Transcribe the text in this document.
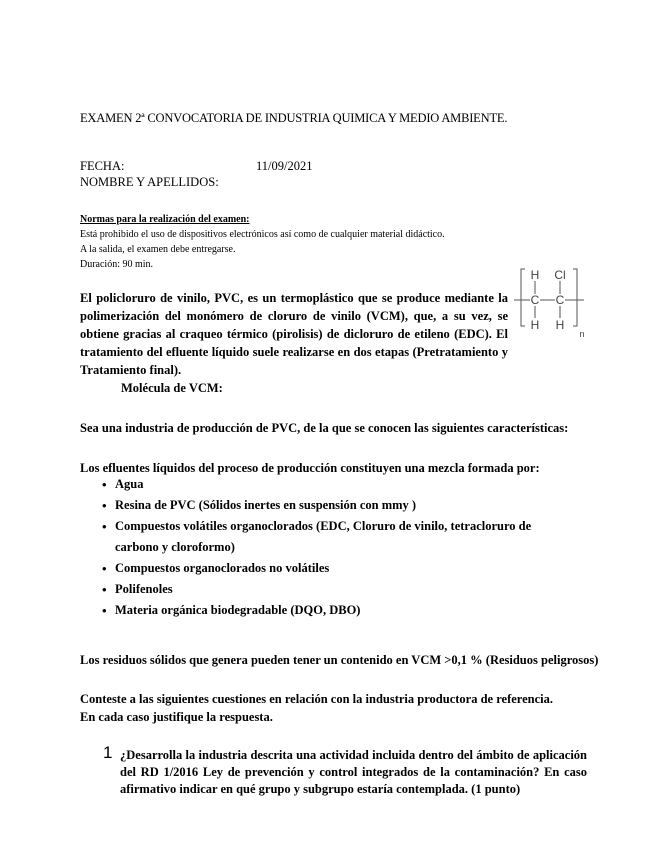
EXAMEN 2ª CONVOCATORIA DE INDUSTRIA QUIMICA Y MEDIO AMBIENTE.
FECHA:	11/09/2021
NOMBRE Y APELLIDOS:
Normas para la realización del examen:
Está prohibido el uso de dispositivos electrónicos así como de cualquier material didáctico.
A la salida, el examen debe entregarse.
Duración: 90 min.
El policloruro de vinilo, PVC, es un termoplástico que se produce mediante la polimerización del monómero de cloruro de vinilo (VCM), que, a su vez, se obtiene gracias al craqueo térmico (pirolisis) de dicloruro de etileno (EDC). El tratamiento del efluente líquido suele realizarse en dos etapas (Pretratamiento y Tratamiento final).
H Cl
C C
H H
n
Molécula de VCM:
Sea una industria de producción de PVC, de la que se conocen las siguientes características:
Los efluentes líquidos del proceso de producción constituyen una mezcla formada por:
• Agua
• Resina de PVC (Sólidos inertes en suspensión con mmy )
• Compuestos volátiles organoclorados (EDC, Cloruro de vinilo, tetracloruro de carbono y cloroformo)
• Compuestos organoclorados no volátiles
• Polifenoles
• Materia orgánica biodegradable (DQO, DBO)
Los residuos sólidos que genera pueden tener un contenido en VCM >0,1 % (Residuos peligrosos)
Conteste a las siguientes cuestiones en relación con la industria productora de referencia. En cada caso justifique la respuesta.
1 ¿Desarrolla la industria descrita una actividad incluida dentro del ámbito de aplicación del RD 1/2016 Ley de prevención y control integrados de la contaminación? En caso afirmativo indicar en qué grupo y subgrupo estaría contemplada. (1 punto)
